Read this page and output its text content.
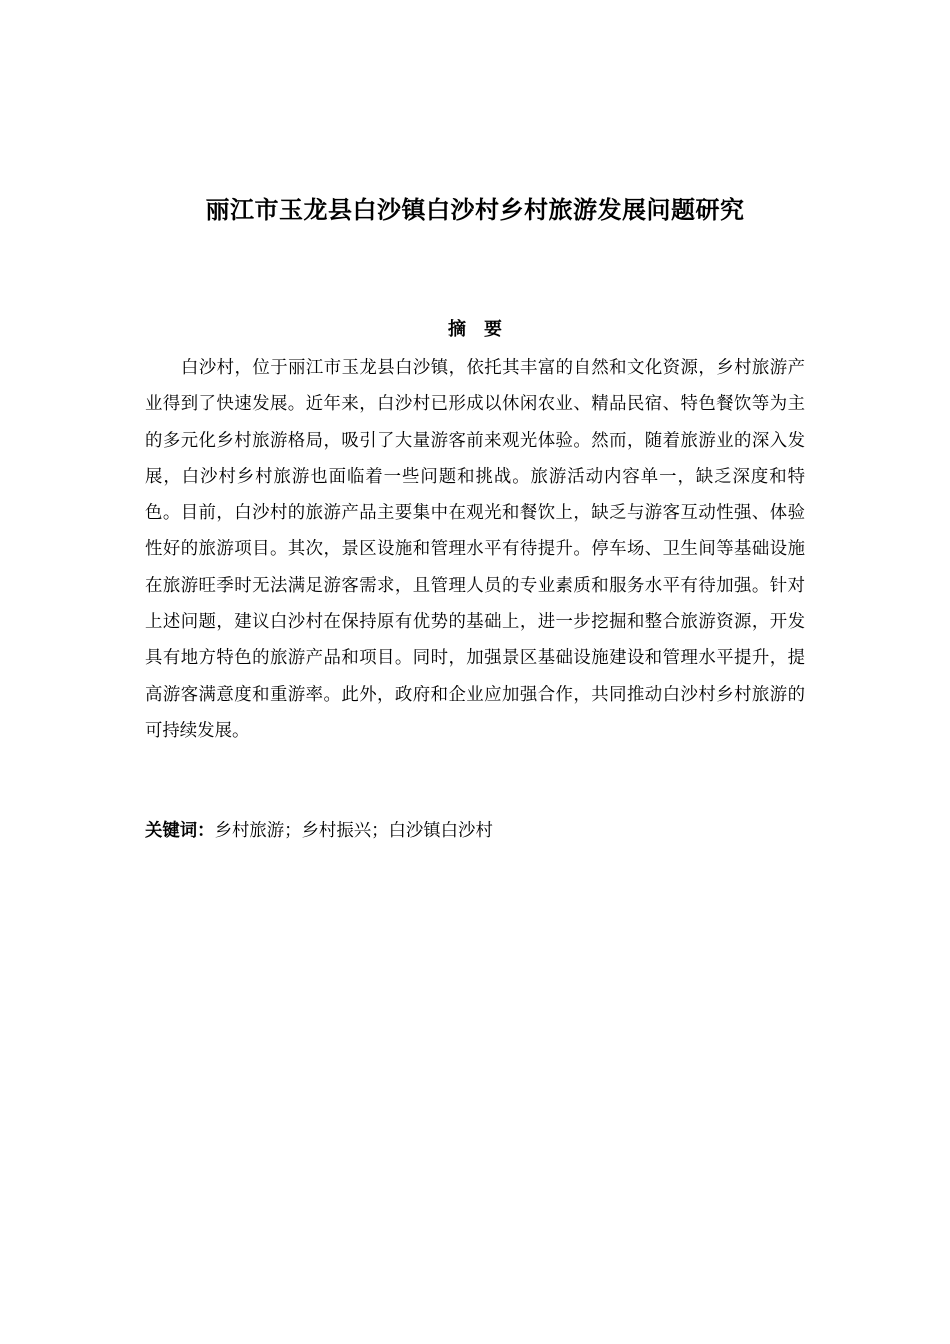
丽江市玉龙县白沙镇白沙村乡村旅游发展问题研究
摘要

白沙村，位于丽江市玉龙县白沙镇，依托其丰富的自然和文化资源，乡村旅游产业得到了快速发展。近年来，白沙村已形成以休闲农业、精品民宿、特色餐饮等为主的多元化乡村旅游格局，吸引了大量游客前来观光体验。然而，随着旅游业的深入发展，白沙村乡村旅游也面临着一些问题和挑战。旅游活动内容单一，缺乏深度和特色。目前，白沙村的旅游产品主要集中在观光和餐饮上，缺乏与游客互动性强、体验性好的旅游项目。其次，景区设施和管理水平有待提升。停车场、卫生间等基础设施在旅游旺季时无法满足游客需求，且管理人员的专业素质和服务水平有待加强。针对上述问题，建议白沙村在保持原有优势的基础上，进一步挖掘和整合旅游资源，开发具有地方特色的旅游产品和项目。同时，加强景区基础设施建设和管理水平提升，提高游客满意度和重游率。此外，政府和企业应加强合作，共同推动白沙村乡村旅游的可持续发展。

关键词：乡村旅游；乡村振兴；白沙镇白沙村
